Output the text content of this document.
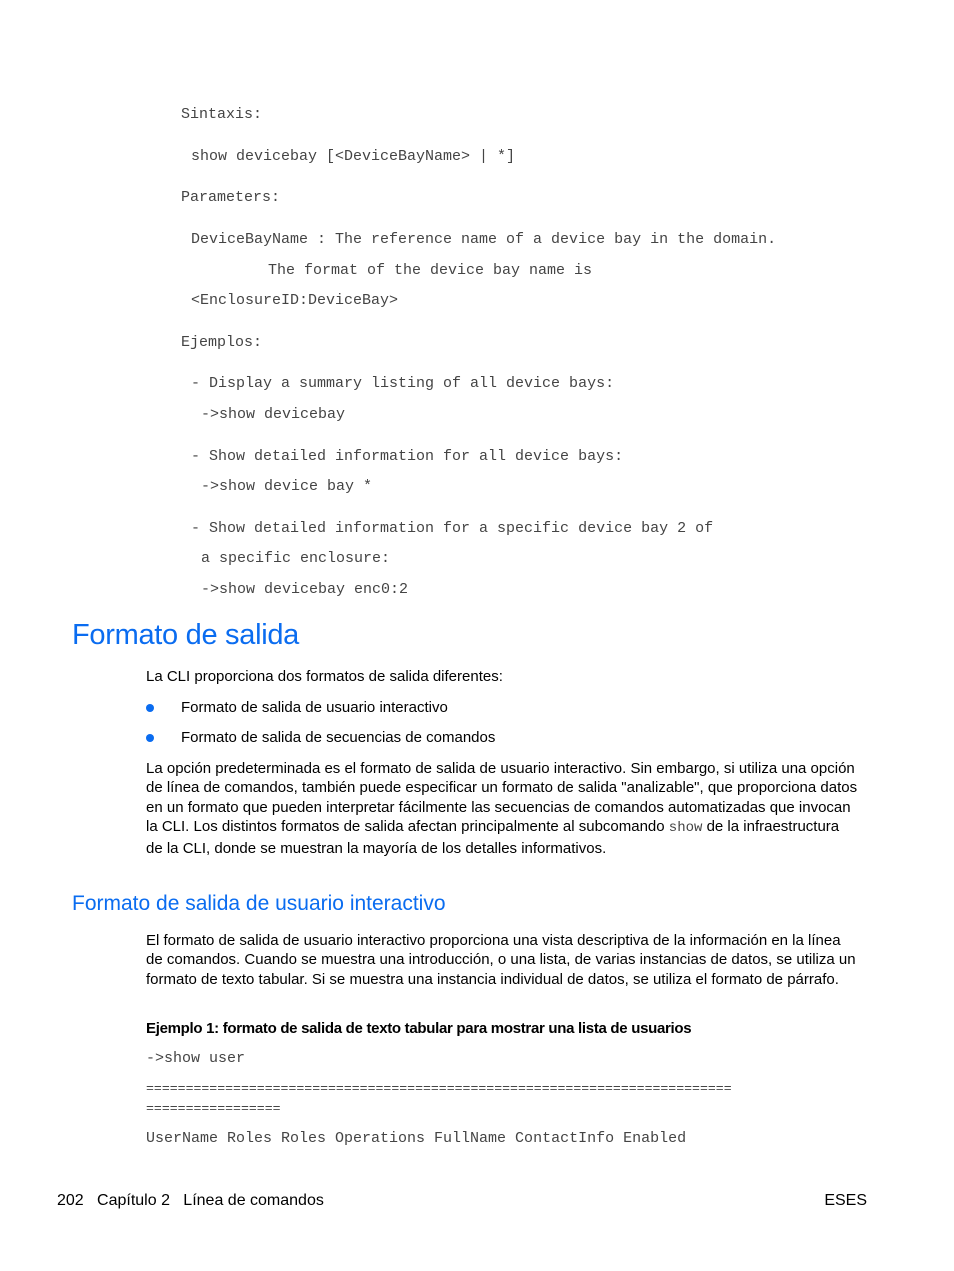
Sintaxis:
show devicebay [<DeviceBayName> | *]
Parameters:
DeviceBayName : The reference name of a device bay in the domain.
The format of the device bay name is
<EnclosureID:DeviceBay>
Ejemplos:
- Display a summary listing of all device bays:
->show devicebay
- Show detailed information for all device bays:
->show device bay *
- Show detailed information for a specific device bay 2 of
a specific enclosure:
->show devicebay enc0:2
Formato de salida

La CLI proporciona dos formatos de salida diferentes:

Formato de salida de usuario interactivo
Formato de salida de secuencias de comandos

La opción predeterminada es el formato de salida de usuario interactivo. Sin embargo, si utiliza una opción de línea de comandos, también puede especificar un formato de salida "analizable", que proporciona datos en un formato que pueden interpretar fácilmente las secuencias de comandos automatizadas que invocan la CLI. Los distintos formatos de salida afectan principalmente al subcomando show de la infraestructura de la CLI, donde se muestran la mayoría de los detalles informativos.

Formato de salida de usuario interactivo

El formato de salida de usuario interactivo proporciona una vista descriptiva de la información en la línea de comandos. Cuando se muestra una introducción, o una lista, de varias instancias de datos, se utiliza un formato de texto tabular. Si se muestra una instancia individual de datos, se utiliza el formato de párrafo.

Ejemplo 1: formato de salida de texto tabular para mostrar una lista de usuarios
->show user
==========================================================================
=================
UserName Roles Roles Operations FullName ContactInfo Enabled
202   Capítulo 2   Línea de comandos	ESES
